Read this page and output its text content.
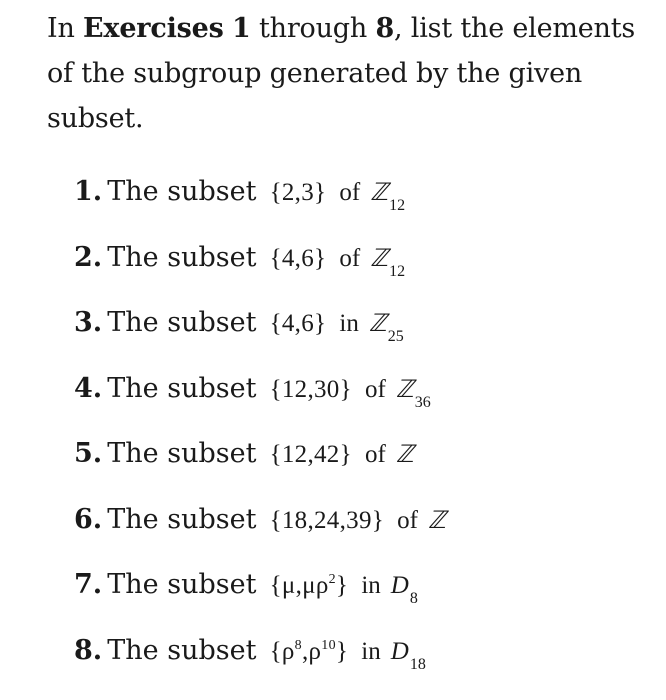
In Exercises 1 through 8, list the elements of the subgroup generated by the given subset.
1. The subset {2,3} of ℤ12
2. The subset {4,6} of ℤ12
3. The subset {4,6} in ℤ25
4. The subset {12,30} of ℤ36
5. The subset {12,42} of ℤ
6. The subset {18,24,39} of ℤ
7. The subset $\{\mu,\mu\rho^2\}$ in D8
8. The subset $\{\rho^8,\rho^{10}\}$ in D18
